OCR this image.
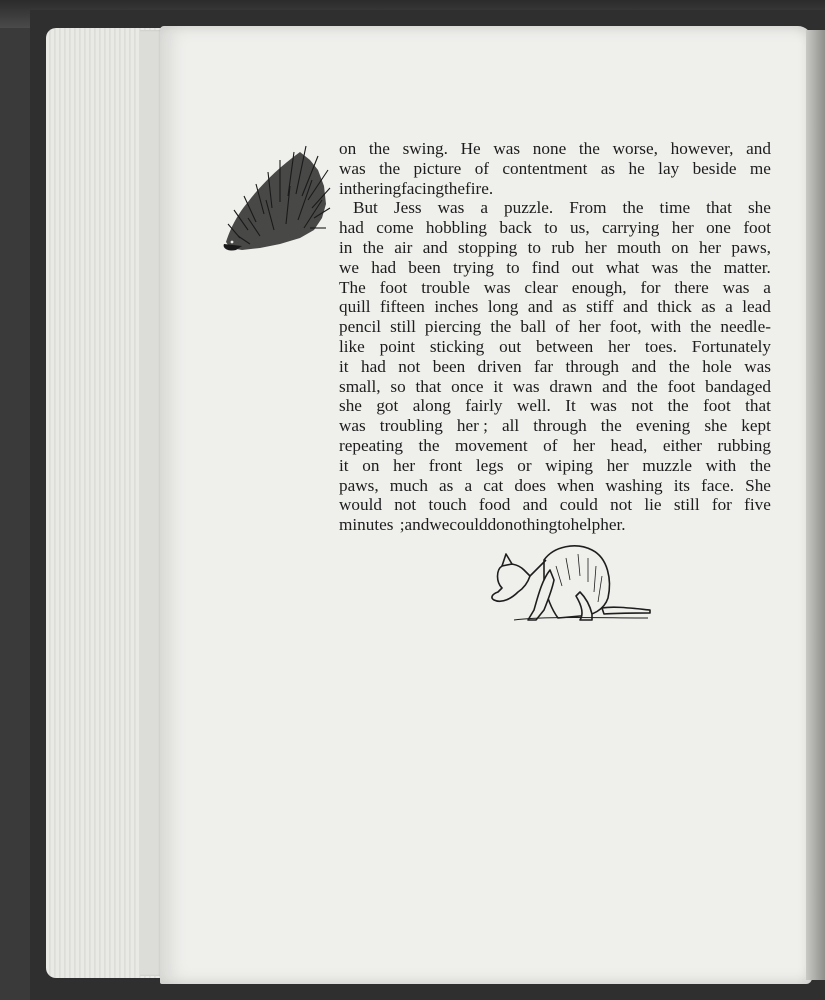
on the swing. He was none the worse, however, and
was the picture of contentment as he lay beside me
in the ring facing the fire.
But Jess was a puzzle. From the time that she
had come hobbling back to us, carrying her one foot
in the air and stopping to rub her mouth on her paws,
we had been trying to find out what was the matter.
The foot trouble was clear enough, for there was a
quill fifteen inches long and as stiff and thick as a lead
pencil still piercing the ball of her foot, with the needle-
like point sticking out between her toes. Fortunately
it had not been driven far through and the hole was
small, so that once it was drawn and the foot bandaged
she got along fairly well. It was not the foot that
was troubling her ; all through the evening she kept
repeating the movement of her head, either rubbing
it on her front legs or wiping her muzzle with the
paws, much as a cat does when washing its face. She
would not touch food and could not lie still for five
minutes ; and we could do nothing to help her.
